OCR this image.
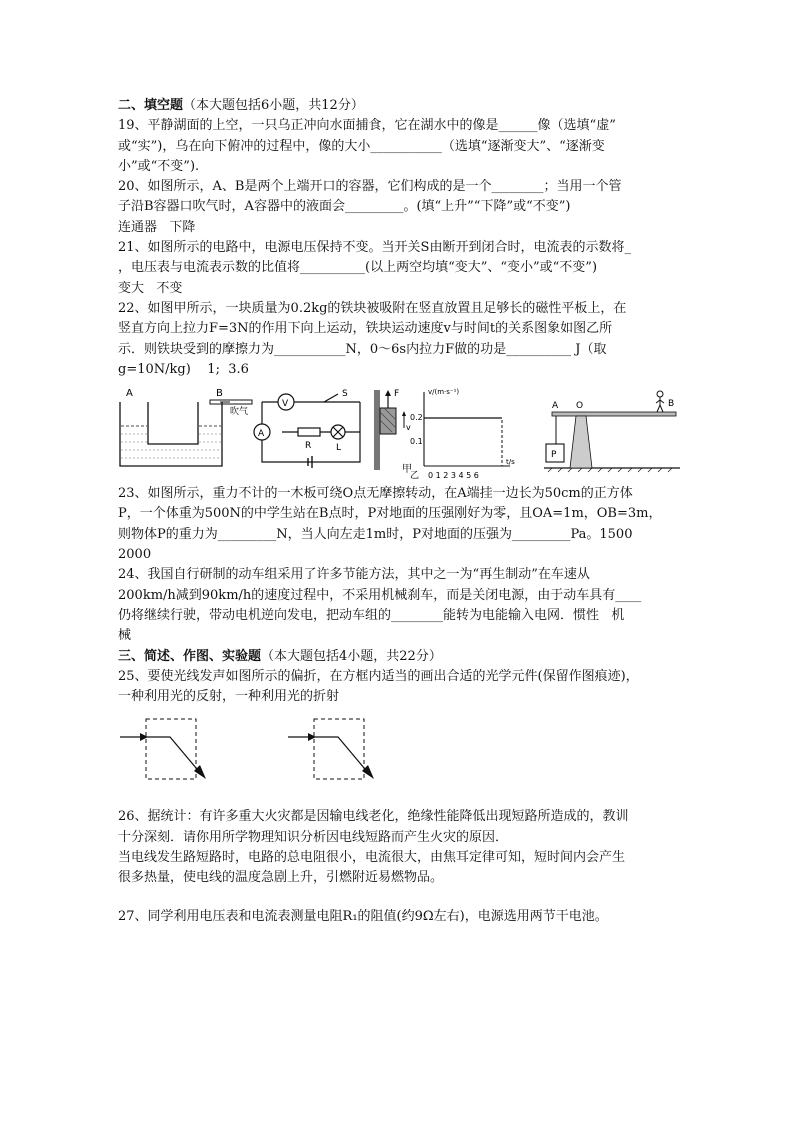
二、填空题（本大题包括6小题，共12分）
19、平静湖面的上空，一只乌正冲向水面捕食，它在湖水中的像是______像（选填“虚”
或“实”)，乌在向下俯冲的过程中，像的大小___________（选填“逐渐变大”、“逐渐变
小”或“不变”).
20、如图所示，A、B是两个上端开口的容器，它们构成的是一个________；当用一个管
子沿B容器口吹气时，A容器中的液面会_________。(填“上升”“下降”或“不变”)
连通器   下降
21、如图所示的电路中，电源电压保持不变。当开关S由断开到闭合时，电流表的示数将_
，电压表与电流表示数的比值将__________(以上两空均填“变大”、“变小”或“不变”)
变大   不变
22、如图甲所示，一块质量为0.2kg的铁块被吸附在竖直放置且足够长的磁性平板上，在
竖直方向上拉力F=3N的作用下向上运动，铁块运动速度v与时间t的关系图象如图乙所
示．则铁块受到的摩擦力为___________N，0～6s内拉力F做的功是__________ J（取
g=10N/kg)    1;  3.6
A	B
吹气
V
S
R	L
A
F
v
甲
v/(m·s⁻¹)
0.2
0.1
乙 0 1 2 3 4 5 6
t/s
A O	B
P
23、如图所示，重力不计的一木板可绕O点无摩擦转动，在A端挂一边长为50cm的正方体
P，一个体重为500N的中学生站在B点时，P对地面的压强刚好为零，且OA=1m，OB=3m，
则物体P的重力为_________N，当人向左走1m时，P对地面的压强为_________Pa。1500
2000
24、我国自行研制的动车组采用了许多节能方法，其中之一为“再生制动”在车速从
200km/h减到90km/h的速度过程中，不采用机械刹车，而是关闭电源，由于动车具有____
仍将继续行驶，带动电机逆向发电，把动车组的________能转为电能输入电网．惯性   机
械
三、简述、作图、实验题（本大题包括4小题，共22分）
25、要使光线发声如图所示的偏折，在方框内适当的画出合适的光学元件(保留作图痕迹)，
一种利用光的反射，一种利用光的折射
26、据统计：有许多重大火灾都是因输电线老化，绝缘性能降低出现短路所造成的，教训
十分深刻．请你用所学物理知识分析因电线短路而产生火灾的原因．
当电线发生路短路时，电路的总电阻很小，电流很大，由焦耳定律可知，短时间内会产生
很多热量，使电线的温度急剧上升，引燃附近易燃物品。
27、同学利用电压表和电流表测量电阻R₁的阻值(约9Ω左右)，电源选用两节干电池。
